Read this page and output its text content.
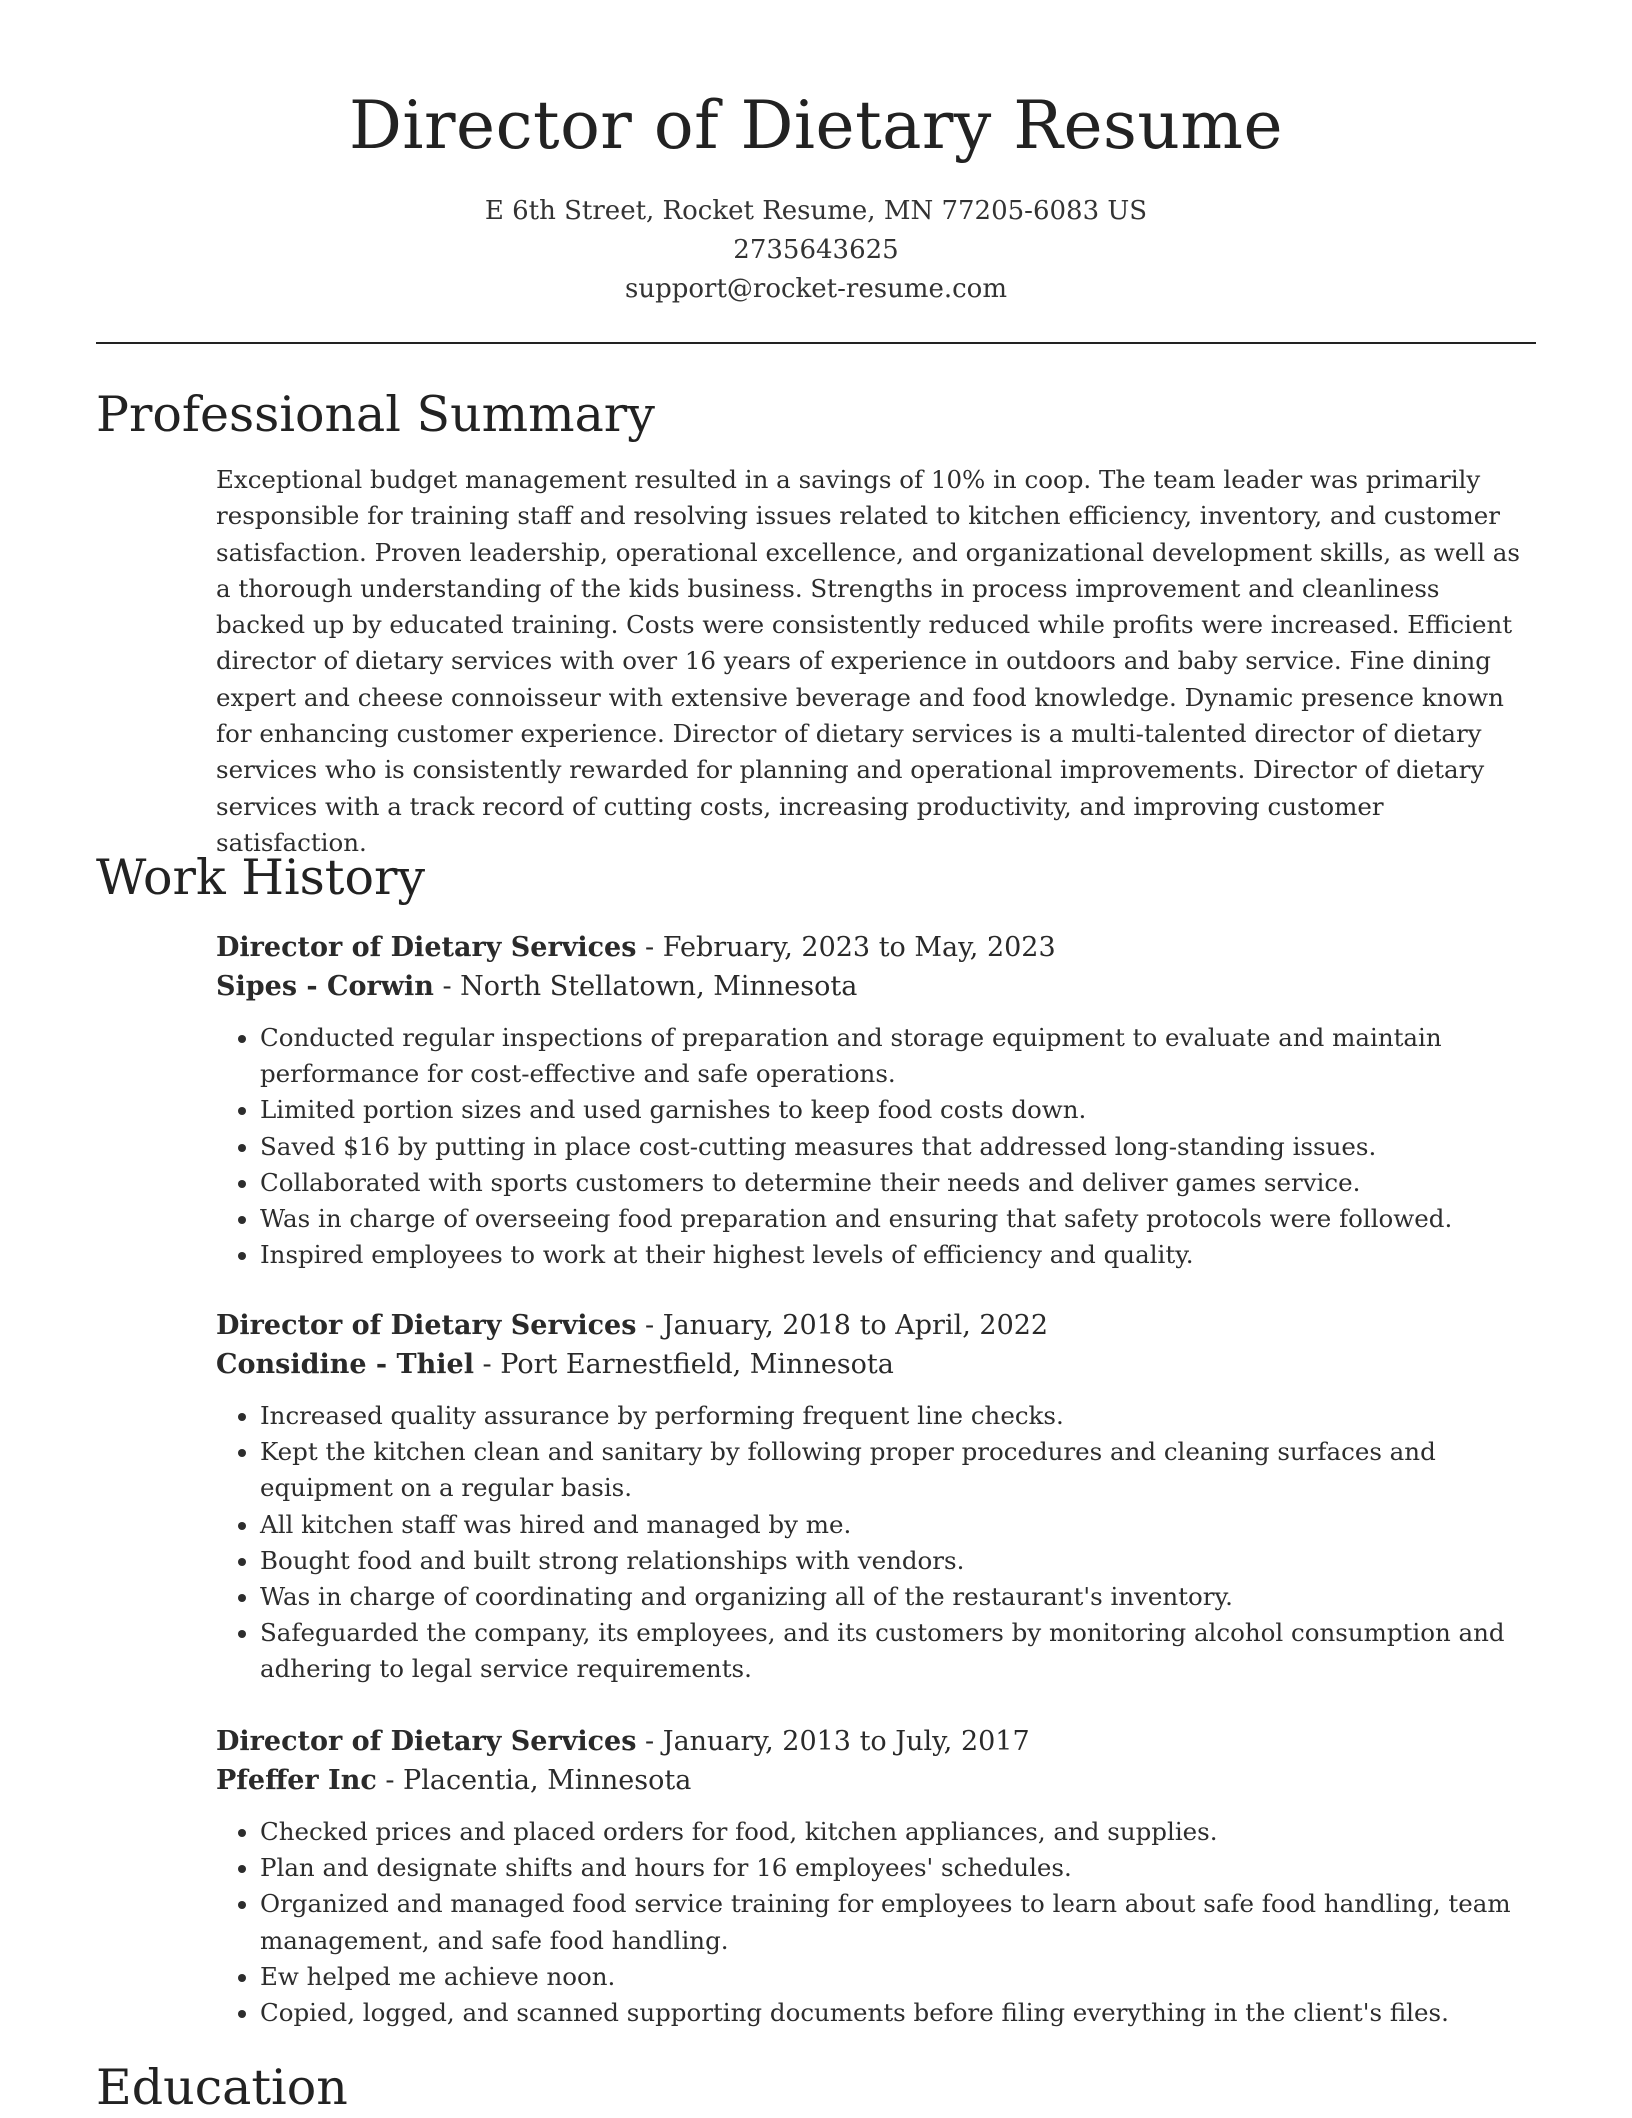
Director of Dietary Resume
E 6th Street, Rocket Resume, MN 77205-6083 US
2735643625
support@rocket-resume.com
Professional Summary
Exceptional budget management resulted in a savings of 10% in coop. The team leader was primarily responsible for training staff and resolving issues related to kitchen efficiency, inventory, and customer satisfaction. Proven leadership, operational excellence, and organizational development skills, as well as a thorough understanding of the kids business. Strengths in process improvement and cleanliness backed up by educated training. Costs were consistently reduced while profits were increased. Efficient director of dietary services with over 16 years of experience in outdoors and baby service. Fine dining expert and cheese connoisseur with extensive beverage and food knowledge. Dynamic presence known for enhancing customer experience. Director of dietary services is a multi-talented director of dietary services who is consistently rewarded for planning and operational improvements. Director of dietary services with a track record of cutting costs, increasing productivity, and improving customer satisfaction.
Work History
Director of Dietary Services - February, 2023 to May, 2023
Sipes - Corwin - North Stellatown, Minnesota
• Conducted regular inspections of preparation and storage equipment to evaluate and maintain performance for cost-effective and safe operations.
• Limited portion sizes and used garnishes to keep food costs down.
• Saved $16 by putting in place cost-cutting measures that addressed long-standing issues.
• Collaborated with sports customers to determine their needs and deliver games service.
• Was in charge of overseeing food preparation and ensuring that safety protocols were followed.
• Inspired employees to work at their highest levels of efficiency and quality.
Director of Dietary Services - January, 2018 to April, 2022
Considine - Thiel - Port Earnestfield, Minnesota
• Increased quality assurance by performing frequent line checks.
• Kept the kitchen clean and sanitary by following proper procedures and cleaning surfaces and equipment on a regular basis.
• All kitchen staff was hired and managed by me.
• Bought food and built strong relationships with vendors.
• Was in charge of coordinating and organizing all of the restaurant's inventory.
• Safeguarded the company, its employees, and its customers by monitoring alcohol consumption and adhering to legal service requirements.
Director of Dietary Services - January, 2013 to July, 2017
Pfeffer Inc - Placentia, Minnesota
• Checked prices and placed orders for food, kitchen appliances, and supplies.
• Plan and designate shifts and hours for 16 employees' schedules.
• Organized and managed food service training for employees to learn about safe food handling, team management, and safe food handling.
• Ew helped me achieve noon.
• Copied, logged, and scanned supporting documents before filing everything in the client's files.
Education
